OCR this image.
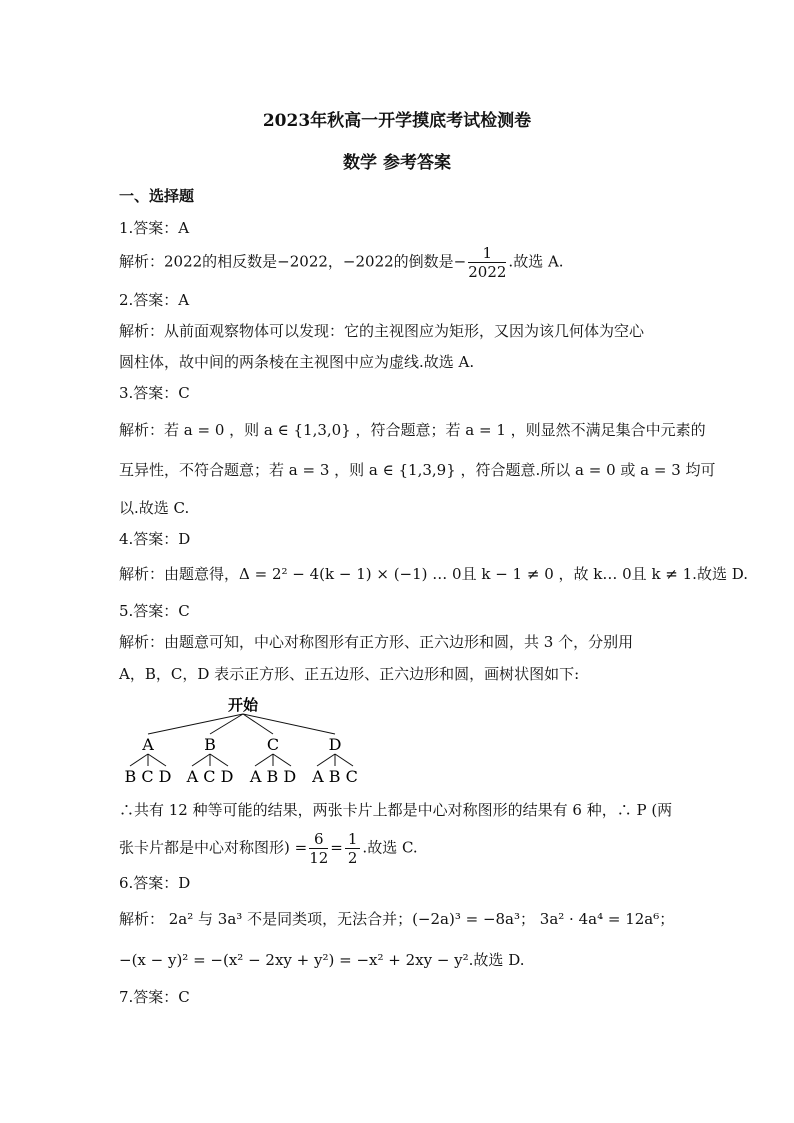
2023年秋高一开学摸底考试检测卷
数学 参考答案
一、选择题
1.答案：A
解析：2022的相反数是−2022，−2022的倒数是− $\frac{1}{2022}$ .故选 A.
2.答案：A
解析：从前面观察物体可以发现：它的主视图应为矩形，又因为该几何体为空心
圆柱体，故中间的两条棱在主视图中应为虚线.故选 A.
3.答案：C
解析：若 a = 0 ，则 a ∈ {1,3,0} ，符合题意；若 a = 1 ，则显然不满足集合中元素的
互异性，不符合题意；若 a = 3 ，则 a ∈ {1,3,9} ，符合题意.所以 a = 0 或 a = 3 均可
以.故选 C.
4.答案：D
解析：由题意得，Δ = 2² − 4(k − 1) × (−1) … 0且 k − 1 ≠ 0 ，故 k… 0且 k ≠ 1.故选 D.
5.答案：C
解析：由题意可知，中心对称图形有正方形、正六边形和圆，共 3 个，分别用
A，B，C，D 表示正方形、正五边形、正六边形和圆，画树状图如下:
开始
A	B	C	D
B C D A C D A B D A B C
∴共有 12 种等可能的结果，两张卡片上都是中心对称图形的结果有 6 种，∴ P (两
张卡片都是中心对称图形) = $\frac{6}{12} = \frac{1}{2}$ .故选 C.
6.答案：D
解析： 2a² 与 3a³ 不是同类项，无法合并；(−2a)³ = −8a³； 3a² · 4a⁴ = 12a⁶；
−(x − y)² = −(x² − 2xy + y²) = −x² + 2xy − y².故选 D.
7.答案：C
